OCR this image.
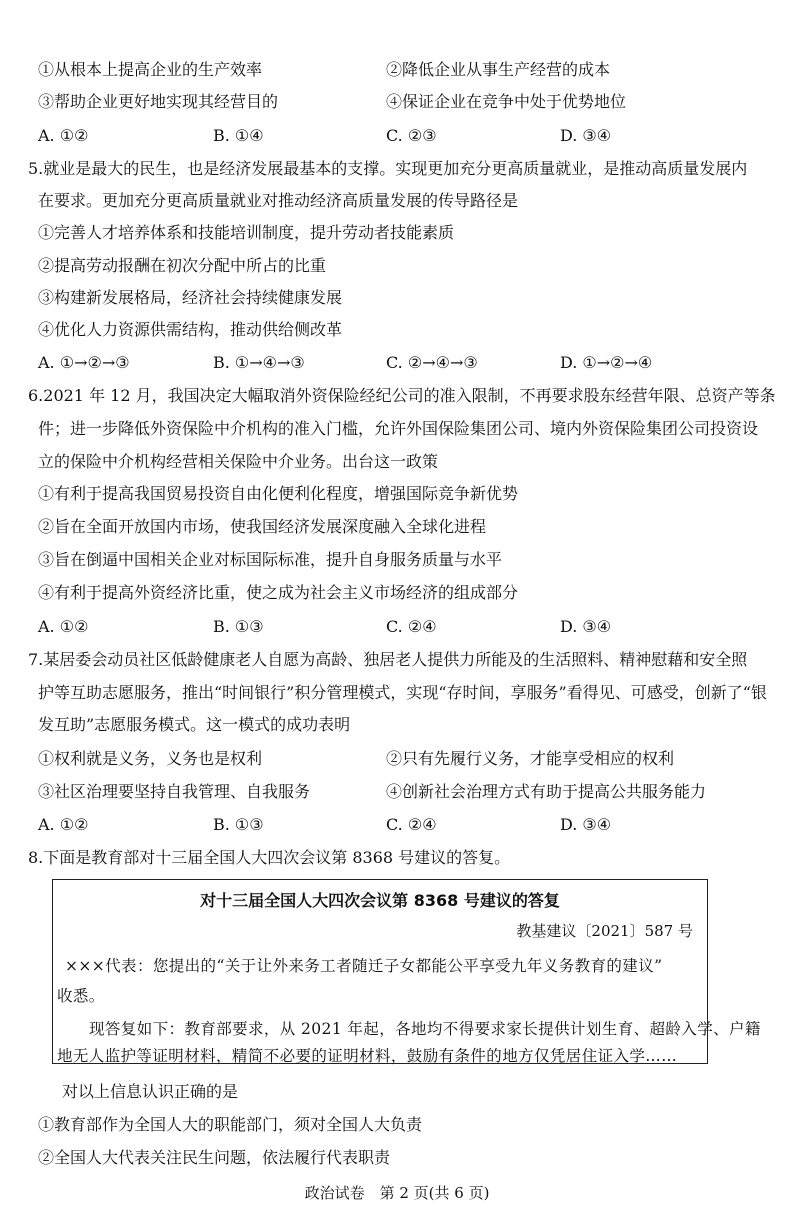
①从根本上提高企业的生产效率	②降低企业从事生产经营的成本
③帮助企业更好地实现其经营目的	④保证企业在竞争中处于优势地位
A. ①②	B. ①④	C. ②③	D. ③④
5.就业是最大的民生，也是经济发展最基本的支撑。实现更加充分更高质量就业，是推动高质量发展内
在要求。更加充分更高质量就业对推动经济高质量发展的传导路径是
①完善人才培养体系和技能培训制度，提升劳动者技能素质
②提高劳动报酬在初次分配中所占的比重
③构建新发展格局，经济社会持续健康发展
④优化人力资源供需结构，推动供给侧改革
A. ①→②→③	B. ①→④→③	C. ②→④→③	D. ①→②→④
6.2021 年 12 月，我国决定大幅取消外资保险经纪公司的准入限制，不再要求股东经营年限、总资产等条
件；进一步降低外资保险中介机构的准入门槛，允许外国保险集团公司、境内外资保险集团公司投资设
立的保险中介机构经营相关保险中介业务。出台这一政策
①有利于提高我国贸易投资自由化便利化程度，增强国际竞争新优势
②旨在全面开放国内市场，使我国经济发展深度融入全球化进程
③旨在倒逼中国相关企业对标国际标准，提升自身服务质量与水平
④有利于提高外资经济比重，使之成为社会主义市场经济的组成部分
A. ①②	B. ①③	C. ②④	D. ③④
7.某居委会动员社区低龄健康老人自愿为高龄、独居老人提供力所能及的生活照料、精神慰藉和安全照
护等互助志愿服务，推出“时间银行”积分管理模式，实现“存时间，享服务”看得见、可感受，创新了“银
发互助”志愿服务模式。这一模式的成功表明
①权利就是义务，义务也是权利	②只有先履行义务，才能享受相应的权利
③社区治理要坚持自我管理、自我服务	④创新社会治理方式有助于提高公共服务能力
A. ①②	B. ①③	C. ②④	D. ③④
8.下面是教育部对十三届全国人大四次会议第 8368 号建议的答复。
对十三届全国人大四次会议第 8368 号建议的答复
教基建议〔2021〕587 号
×××代表：您提出的“关于让外来务工者随迁子女都能公平享受九年义务教育的建议”
收悉。
现答复如下：教育部要求，从 2021 年起，各地均不得要求家长提供计划生育、超龄入学、户籍
地无人监护等证明材料，精简不必要的证明材料，鼓励有条件的地方仅凭居住证入学……
对以上信息认识正确的是
①教育部作为全国人大的职能部门，须对全国人大负责
②全国人大代表关注民生问题，依法履行代表职责
政治试卷　第 2 页(共 6 页)
